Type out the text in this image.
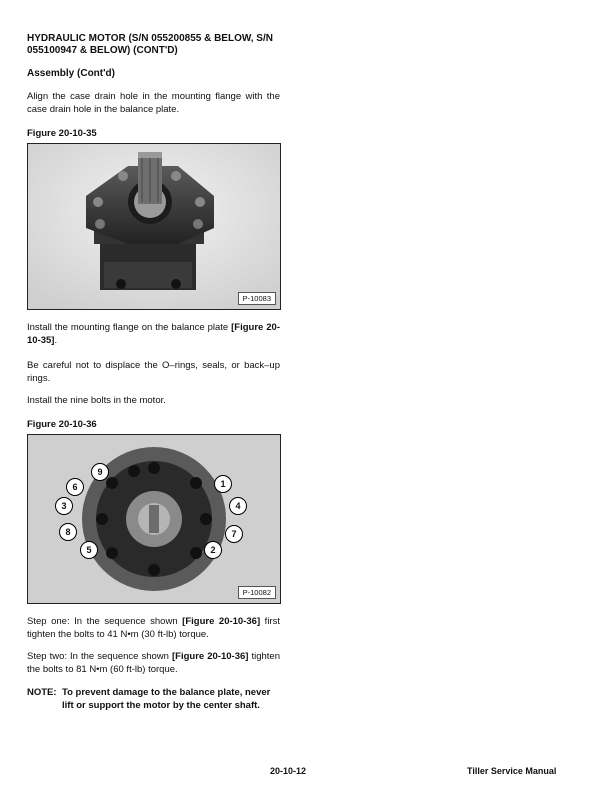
HYDRAULIC MOTOR (S/N 055200855 & BELOW, S/N 055100947 & BELOW) (CONT'D)
Assembly (Cont'd)
Align the case drain hole in the mounting flange with the case drain hole in the balance plate.
Figure 20-10-35
P-10083
Install the mounting flange on the balance plate [Figure 20-10-35].
Be careful not to displace the O–rings, seals, or back–up rings.
Install the nine bolts in the motor.
Figure 20-10-36
9
6	1
3	4
8	7
5	2
P-10082
Step one: In the sequence shown [Figure 20-10-36] first tighten the bolts to 41 N•m (30 ft-lb) torque.
Step two: In the sequence shown [Figure 20-10-36] tighten the bolts to 81 N•m (60 ft-lb) torque.
NOTE: To prevent damage to the balance plate, never lift or support the motor by the center shaft.
20-10-12	Tiller Service Manual
